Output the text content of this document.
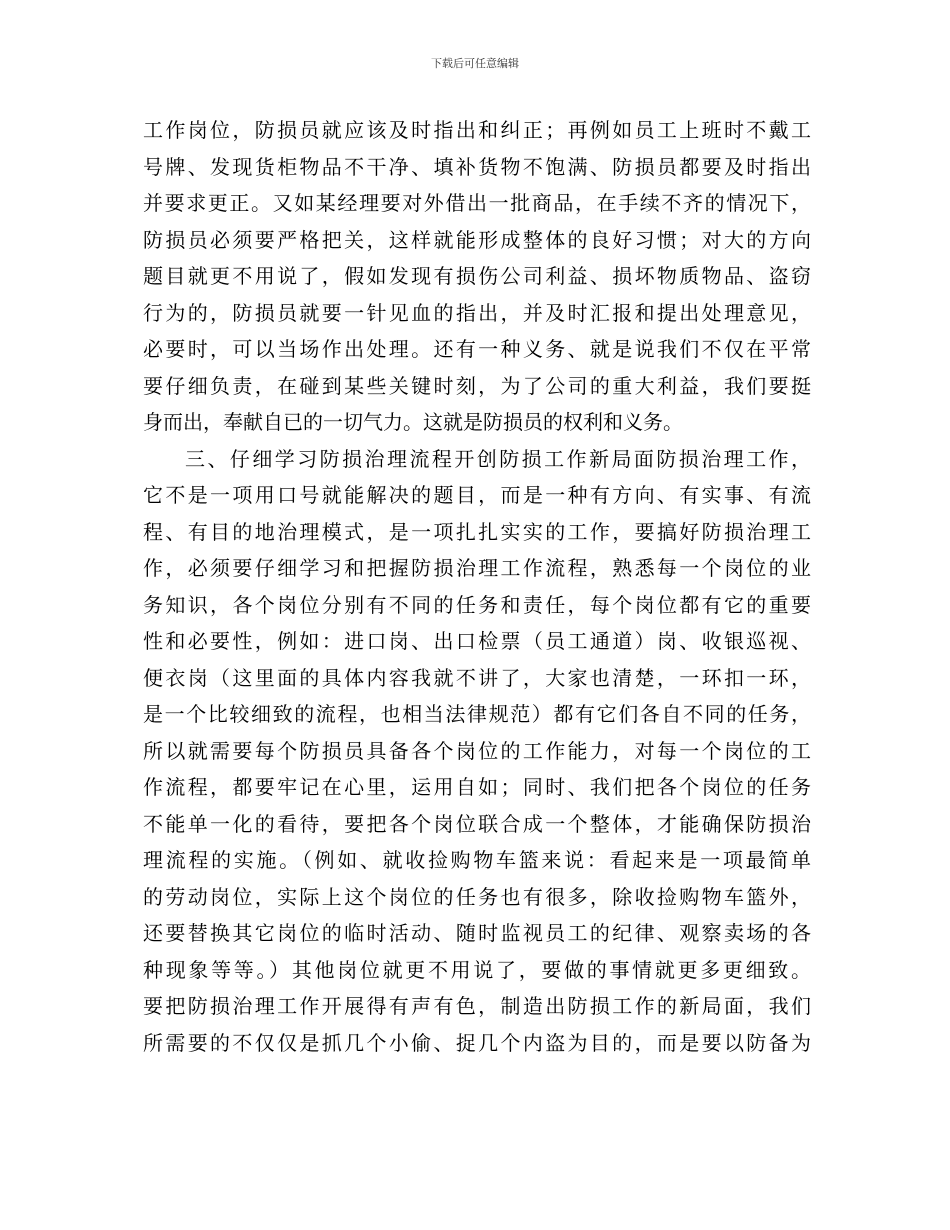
下载后可任意编辑
工作岗位，防损员就应该及时指出和纠正；再例如员工上班时不戴工
号牌、发现货柜物品不干净、填补货物不饱满、防损员都要及时指出
并要求更正。又如某经理要对外借出一批商品，在手续不齐的情况下，
防损员必须要严格把关，这样就能形成整体的良好习惯；对大的方向
题目就更不用说了，假如发现有损伤公司利益、损坏物质物品、盗窃
行为的，防损员就要一针见血的指出，并及时汇报和提出处理意见，
必要时，可以当场作出处理。还有一种义务、就是说我们不仅在平常
要仔细负责，在碰到某些关键时刻，为了公司的重大利益，我们要挺
身而出，奉献自已的一切气力。这就是防损员的权利和义务。
三、仔细学习防损治理流程开创防损工作新局面防损治理工作，
它不是一项用口号就能解决的题目，而是一种有方向、有实事、有流
程、有目的地治理模式，是一项扎扎实实的工作，要搞好防损治理工
作，必须要仔细学习和把握防损治理工作流程，熟悉每一个岗位的业
务知识，各个岗位分别有不同的任务和责任，每个岗位都有它的重要
性和必要性，例如：进口岗、出口检票（员工通道）岗、收银巡视、
便衣岗（这里面的具体内容我就不讲了，大家也清楚，一环扣一环，
是一个比较细致的流程，也相当法律规范）都有它们各自不同的任务，
所以就需要每个防损员具备各个岗位的工作能力，对每一个岗位的工
作流程，都要牢记在心里，运用自如；同时、我们把各个岗位的任务
不能单一化的看待，要把各个岗位联合成一个整体，才能确保防损治
理流程的实施。（例如、就收捡购物车篮来说：看起来是一项最简单
的劳动岗位，实际上这个岗位的任务也有很多，除收捡购物车篮外，
还要替换其它岗位的临时活动、随时监视员工的纪律、观察卖场的各
种现象等等。）其他岗位就更不用说了，要做的事情就更多更细致。
要把防损治理工作开展得有声有色，制造出防损工作的新局面，我们
所需要的不仅仅是抓几个小偷、捉几个内盗为目的，而是要以防备为
